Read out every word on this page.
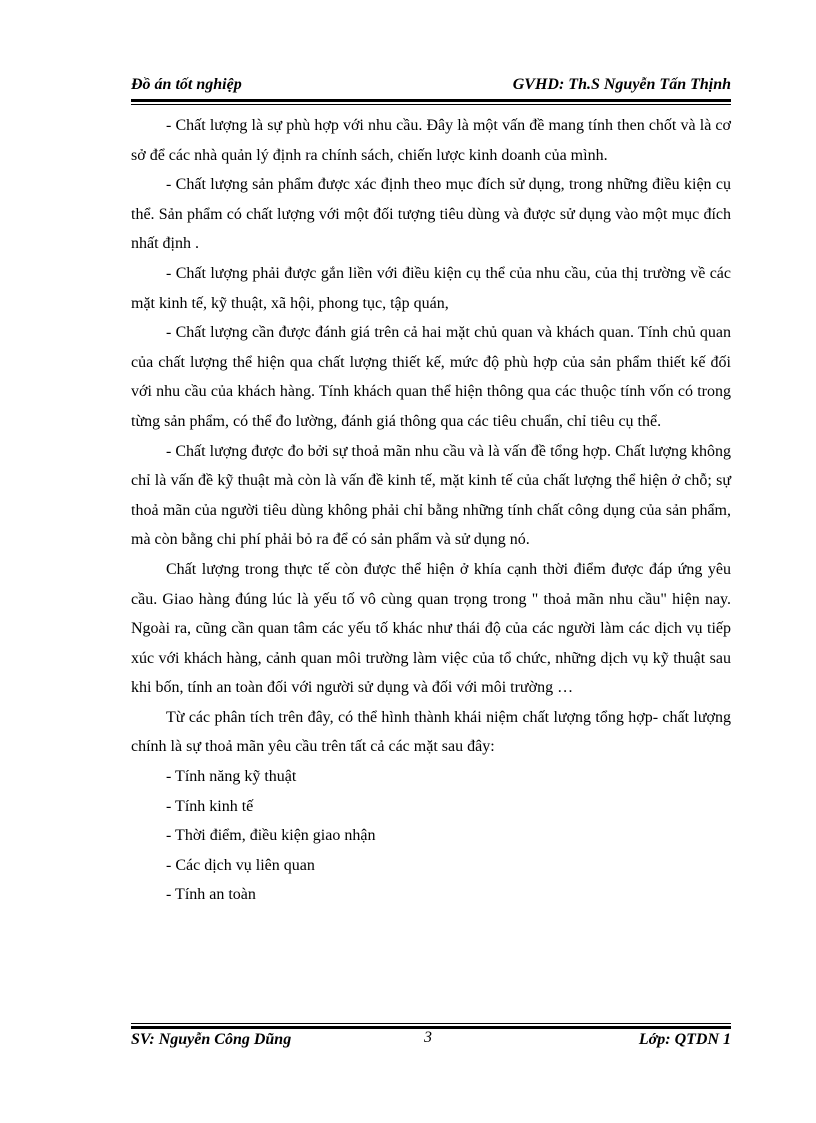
Đồ án tốt nghiệp	GVHD: Th.S Nguyễn Tấn Thịnh

- Chất lượng là sự phù hợp với nhu cầu. Đây là một vấn đề mang tính then chốt và là cơ sở để các nhà quản lý định ra chính sách, chiến lược kinh doanh của mình.

- Chất lượng sản phẩm được xác định theo mục đích sử dụng, trong những điều kiện cụ thể. Sản phẩm có chất lượng với một đối tượng tiêu dùng và được sử dụng vào một mục đích nhất định .

- Chất lượng phải được gắn liền với điều kiện cụ thể của nhu cầu, của thị trường về các mặt kinh tế, kỹ thuật, xã hội, phong tục, tập quán,

- Chất lượng cần được đánh giá trên cả hai mặt chủ quan và khách quan. Tính chủ quan của chất lượng thể hiện qua chất lượng thiết kế, mức độ phù hợp của sản phẩm thiết kế đối với nhu cầu của khách hàng. Tính khách quan thể hiện thông qua các thuộc tính vốn có trong từng sản phẩm, có thể đo lường, đánh giá thông qua các tiêu chuẩn, chỉ tiêu cụ thể.

- Chất lượng được đo bởi sự thoả mãn nhu cầu và là vấn đề tổng hợp. Chất lượng không chỉ là vấn đề kỹ thuật mà còn là vấn đề kinh tế, mặt kinh tế của chất lượng thể hiện ở chỗ; sự thoả mãn của người tiêu dùng không phải chỉ bằng những tính chất công dụng của sản phẩm, mà còn bằng chi phí phải bỏ ra để có sản phẩm và sử dụng nó.

Chất lượng trong thực tế còn được thể hiện ở khía cạnh thời điểm được đáp ứng yêu cầu. Giao hàng đúng lúc là yếu tố vô cùng quan trọng trong " thoả mãn nhu cầu" hiện nay. Ngoài ra, cũng cần quan tâm các yếu tố khác như thái độ của các người làm các dịch vụ tiếp xúc với khách hàng, cảnh quan môi trường làm việc của tổ chức, những dịch vụ kỹ thuật sau khi bốn, tính an toàn đối với người sử dụng và đối với môi trường …

Từ các phân tích trên đây, có thể hình thành khái niệm chất lượng tổng hợp- chất lượng chính là sự thoả mãn yêu cầu trên tất cả các mặt sau đây:

- Tính năng kỹ thuật

- Tính kinh tế

- Thời điểm, điều kiện giao nhận

- Các dịch vụ liên quan

- Tính an toàn

SV: Nguyễn Công Dũng	3	Lớp: QTDN 1
